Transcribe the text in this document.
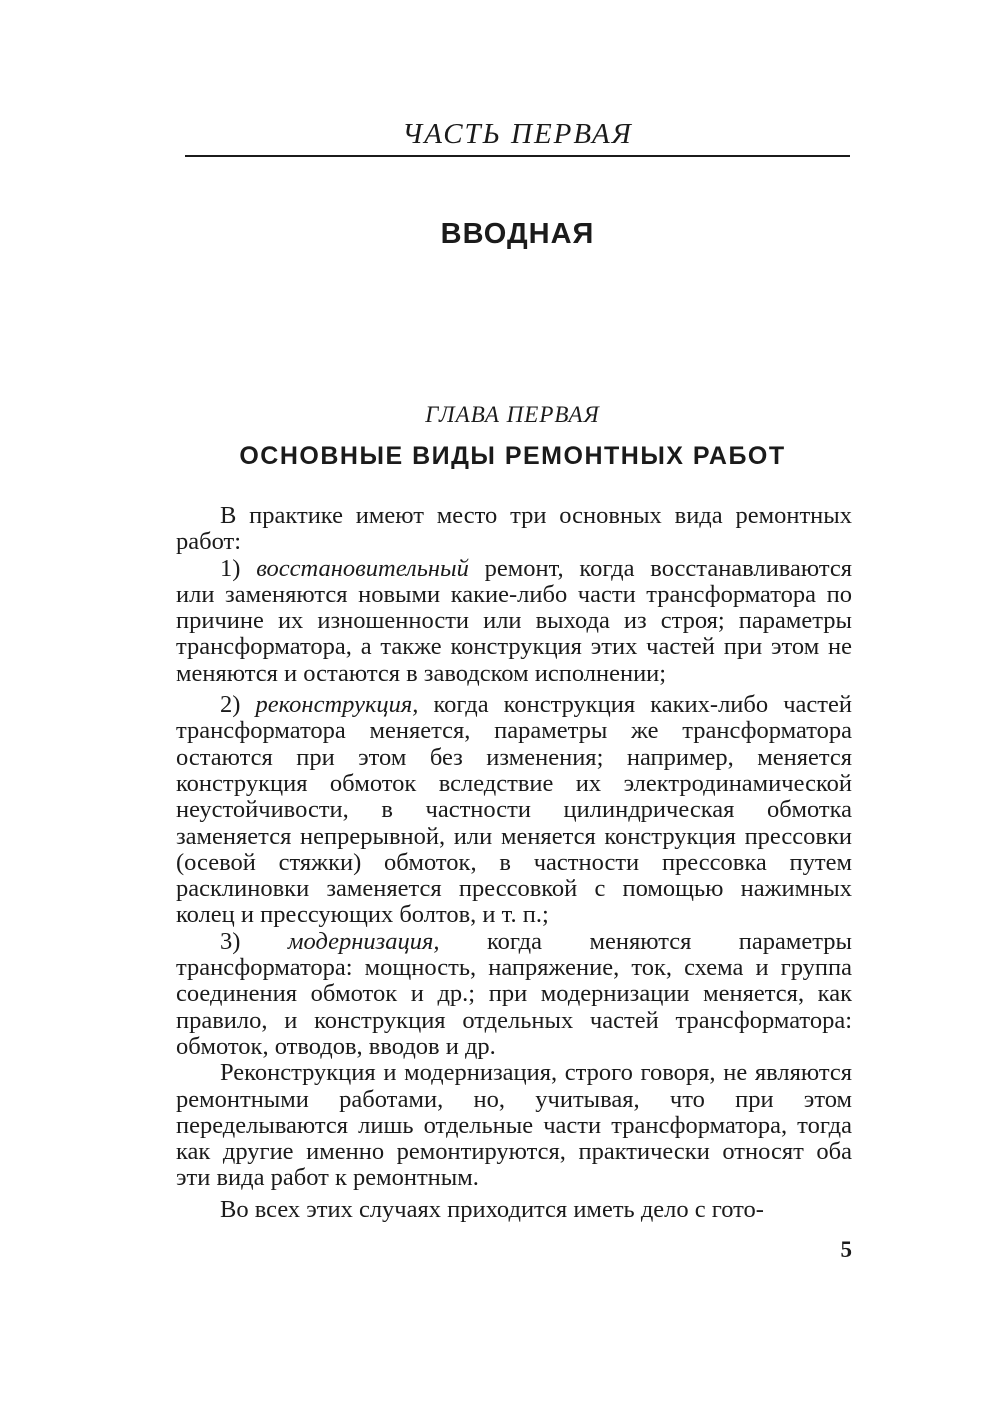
ЧАСТЬ ПЕРВАЯ
ВВОДНАЯ
ГЛАВА ПЕРВАЯ
ОСНОВНЫЕ ВИДЫ РЕМОНТНЫХ РАБОТ

В практике имеют место три основных вида ремонтных работ:

1) восстановительный ремонт, когда восстанавливаются или заменяются новыми какие-либо части трансформатора по причине их изношенности или выхода из строя; параметры трансформатора, а также конструкция этих частей при этом не меняются и остаются в заводском исполнении;

2) реконструкция, когда конструкция каких-либо частей трансформатора меняется, параметры же трансформатора остаются при этом без изменения; например, меняется конструкция обмоток вследствие их электродинамической неустойчивости, в частности цилиндрическая обмотка заменяется непрерывной, или меняется конструкция прессовки (осевой стяжки) обмоток, в частности прессовка путем расклиновки заменяется прессовкой с помощью нажимных колец и прессующих болтов, и т. п.;

3) модернизация, когда меняются параметры трансформатора: мощность, напряжение, ток, схема и группа соединения обмоток и др.; при модернизации меняется, как правило, и конструкция отдельных частей трансформатора: обмоток, отводов, вводов и др.

Реконструкция и модернизация, строго говоря, не являются ремонтными работами, но, учитывая, что при этом переделываются лишь отдельные части трансформатора, тогда как другие именно ремонтируются, практически относят оба эти вида работ к ремонтным.

Во всех этих случаях приходится иметь дело с гото-

5
